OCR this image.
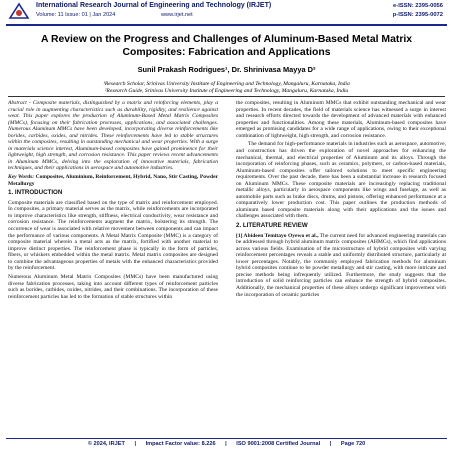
International Research Journal of Engineering and Technology (IRJET)
Volume: 11 Issue: 01 | Jan 2024	www.irjet.net
e-ISSN: 2395-0056
p-ISSN: 2395-0072
A Review on the Progress and Challenges of Aluminum-Based Metal Matrix Composites: Fabrication and Applications
Sunil Prakash Rodrigues¹, Dr. Shrinivasa Mayya D²
¹Research Scholar, Srinivas University Institute of Engineering and Technology, Mangaluru, Karnataka, India
²Research Guide, Srinivas University Institute of Engineering and Technology, Mangaluru, Karnataka, India

Abstract - Composite materials, distinguished by a matrix and reinforcing elements, play a crucial role in augmenting characteristics such as durability, rigidity, and resilience against wear. This paper explores the production of Aluminum-Based Metal Matrix Composites (MMCs), focusing on their fabrication processes, applications, and associated challenges. Numerous Aluminum MMCs have been developed, incorporating diverse reinforcements like borides, carbides, oxides, and nitrides. These reinforcements have led to stable structures within the composites, resulting in outstanding mechanical and wear properties. With a surge in materials science interest, Aluminum-based composites have gained prominence for their lightweight, high strength, and corrosion resistance. This paper reviews recent advancements in Aluminum MMCs, delving into the exploration of innovative materials, fabrication techniques, and their applications in aerospace and automotive industries.

Key Words: Composites, Aluminium, Reinforcement, Hybrid, Nano, Stir Casting, Powder Metallurgy

1. INTRODUCTION

Composite materials are classified based on the type of matrix and reinforcement employed. In composites, a primary material serves as the matrix, while reinforcements are incorporated to improve characteristics like strength, stiffness, electrical conductivity, wear resistance and corrosion resistance. The reinforcements augment the matrix, bolstering its strength. The occurrence of wear is associated with relative movement between components and can impact the performance of various components. A Metal Matrix Composite (MMC) is a category of composite material wherein a metal acts as the matrix, fortified with another material to improve distinct properties. The reinforcement phase is typically in the form of particles, fibers, or whiskers embedded within the metal matrix. Metal matrix composites are designed to combine the advantageous properties of metals with the enhanced characteristics provided by the reinforcement.

Numerous Aluminum Metal Matrix Composites (MMCs) have been manufactured using diverse fabrication processes, taking into account different types of reinforcement particles such as borides, carbides, oxides, nitrides, and their combinations. The incorporation of these reinforcement particles has led to the formation of stable structures within

the composites, resulting in Aluminum MMCs that exhibit outstanding mechanical and wear properties. In recent decades, the field of materials science has witnessed a surge in interest and research efforts directed towards the development of advanced materials with enhanced properties and functionalities. Among these materials, Aluminum-based composites have emerged as promising candidates for a wide range of applications, owing to their exceptional combination of lightweight, high strength, and corrosion resistance.

The demand for high-performance materials in industries such as aerospace, automotive, and construction has driven the exploration of novel approaches for enhancing the mechanical, thermal, and electrical properties of Aluminum and its alloys. Through the incorporation of reinforcing phases, such as ceramics, polymers, or carbon-based materials, Aluminum-based composites offer tailored solutions to meet specific engineering requirements. Over the past decade, there has been a substantial increase in research focused on Aluminum MMCs. These composite materials are increasingly replacing traditional metallic alloys, particularly in aerospace components like wings and fuselage, as well as automobile parts such as brake discs, drums, and pistons, offering enhanced performance at a comparatively lower production cost. This paper outlines the production methods of aluminum based composite materials along with their applications and the issues and challenges associated with them.

2. LITERATURE REVIEW

[1] Abideen Temitayo Oyewo et al., The current need for advanced engineering materials can be addressed through hybrid aluminum matrix composites (AHMCs), which find applications across various fields. Examination of the microstructure of hybrid composites with varying reinforcement percentages reveals a stable and uniformly distributed structure, particularly at lower percentages. Notably, the commonly employed fabrication methods for aluminum hybrid composites continue to be powder metallurgy and stir casting, with more intricate and precise methods being infrequently utilized. Furthermore, the study suggests that the introduction of solid reinforcing particles can enhance the strength of hybrid composites. Additionally, the mechanical properties of these alloys undergo significant improvement with the incorporation of ceramic particles

© 2024, IRJET | Impact Factor value: 8.226 | ISO 9001:2008 Certified Journal | Page 720
